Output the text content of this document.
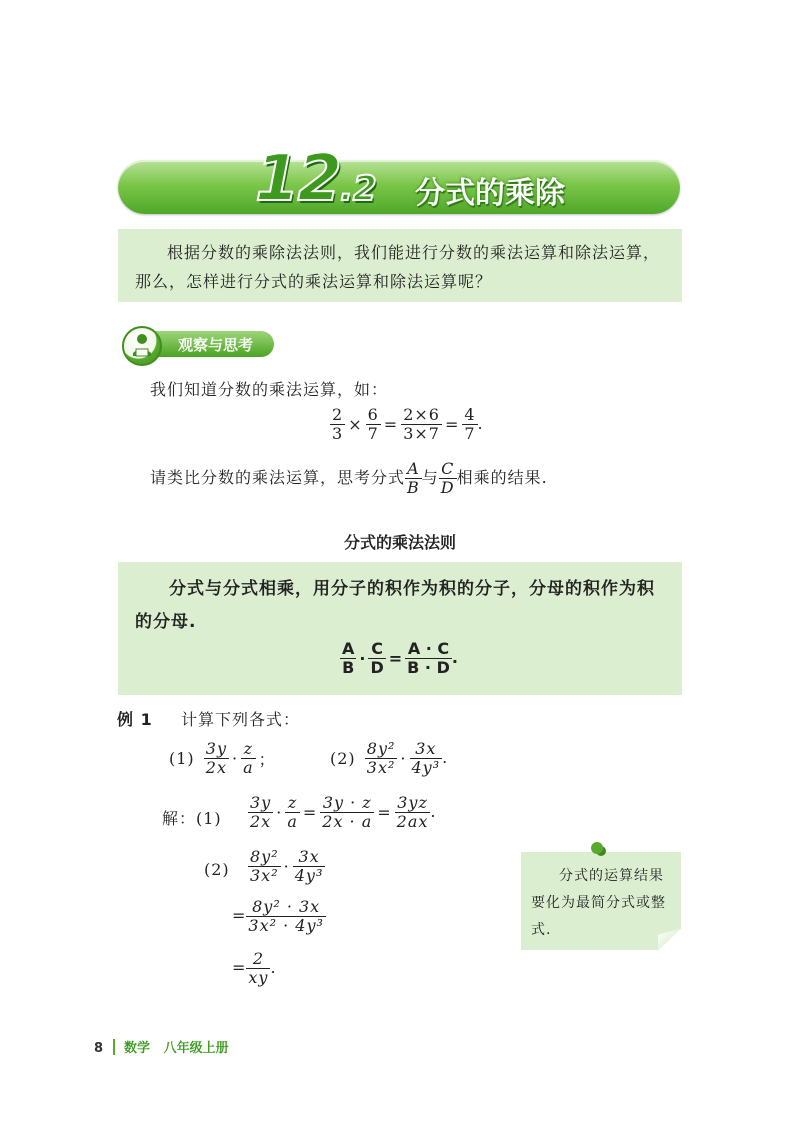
12.2 分式的乘除
根据分数的乘除法法则，我们能进行分数的乘法运算和除法运算，那么，怎样进行分式的乘法运算和除法运算呢？
观察与思考
我们知道分数的乘法运算，如：
$\frac{2}{3} \times \frac{6}{7} = \frac{2\times 6}{3\times 7} = \frac{4}{7}$ .
请类比分数的乘法运算，思考分式 $\frac{A}{B}$ 与 $\frac{C}{D}$ 相乘的结果.
分式的乘法法则
分式与分式相乘，用分子的积作为积的分子，分母的积作为积的分母.
$\frac{A}{B} \cdot \frac{C}{D} = \frac{A \cdot C}{B \cdot D}$ .
例 1 计算下列各式：
$(1) \frac{3y}{2x} \cdot \frac{z}{a}$ ；	$(2) \frac{\text{8y²}}{\text{3x²}} \cdot \frac{3x}{\text{4y³}}$ .
解：$(1) \frac{3y}{2x} \cdot \frac{z}{a} = \frac{3y \cdot z}{2x \cdot a} = \frac{3yz}{2ax}$ .
$(2) \frac{\text{8y²}}{\text{3x²}} \cdot \frac{3x}{\text{4y³}}$
= $\frac{\text{8y² · 3x}}{\text{3x² · 4y³}}$
= $\frac{2}{xy}$ .
分式的运算结果要化为最简分式或整式.
8 数学 八年级上册
